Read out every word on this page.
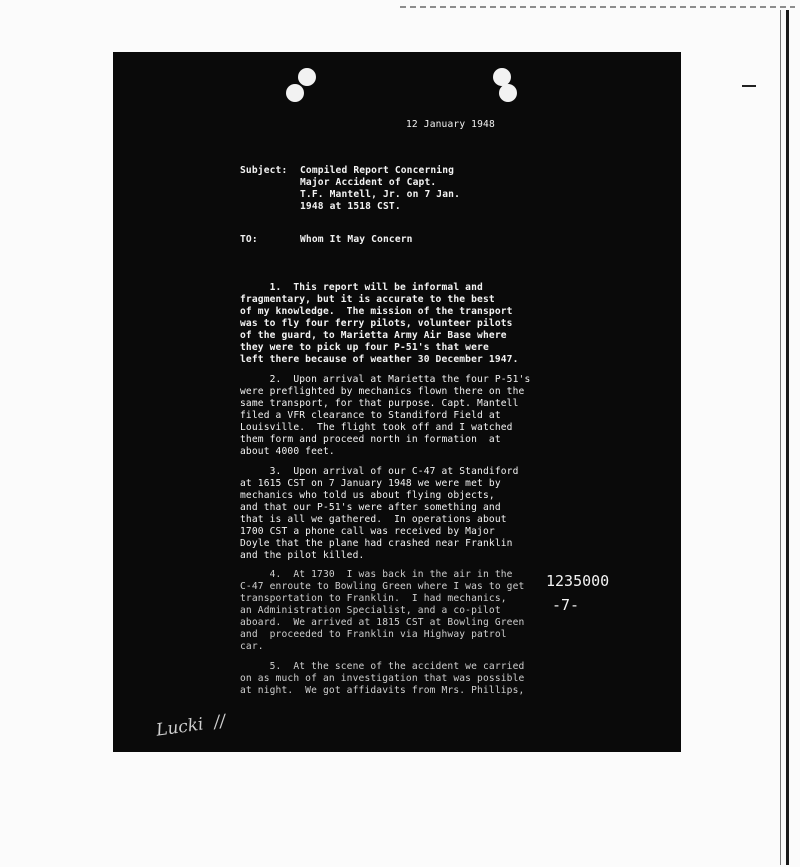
12 January 1948

Subject: Compiled Report Concerning

Major Accident of Capt.

T.F. Mantell, Jr. on 7 Jan.

1948 at 1518 CST.

TO:	Whom It May Concern

1.  This report will be informal and

fragmentary, but it is accurate to the best

of my knowledge.  The mission of the transport

was to fly four ferry pilots, volunteer pilots

of the guard, to Marietta Army Air Base where

they were to pick up four P-51's that were

left there because of weather 30 December 1947.

2.  Upon arrival at Marietta the four P-51's

were preflighted by mechanics flown there on the

same transport, for that purpose. Capt. Mantell

filed a VFR clearance to Standiford Field at

Louisville.  The flight took off and I watched

them form and proceed north in formation  at

about 4000 feet.

3.  Upon arrival of our C-47 at Standiford

at 1615 CST on 7 January 1948 we were met by

mechanics who told us about flying objects,

and that our P-51's were after something and

that is all we gathered.  In operations about

1700 CST a phone call was received by Major

Doyle that the plane had crashed near Franklin

and the pilot killed.

4.  At 1730  I was back in the air in the

C-47 enroute to Bowling Green where I was to get

transportation to Franklin.  I had mechanics,

an Administration Specialist, and a co-pilot

aboard.  We arrived at 1815 CST at Bowling Green

and  proceeded to Franklin via Highway patrol

car.

5.  At the scene of the accident we carried

on as much of an investigation that was possible

at night.  We got affidavits from Mrs. Phillips,

1235000

-7-

Lucki  ∕∕
